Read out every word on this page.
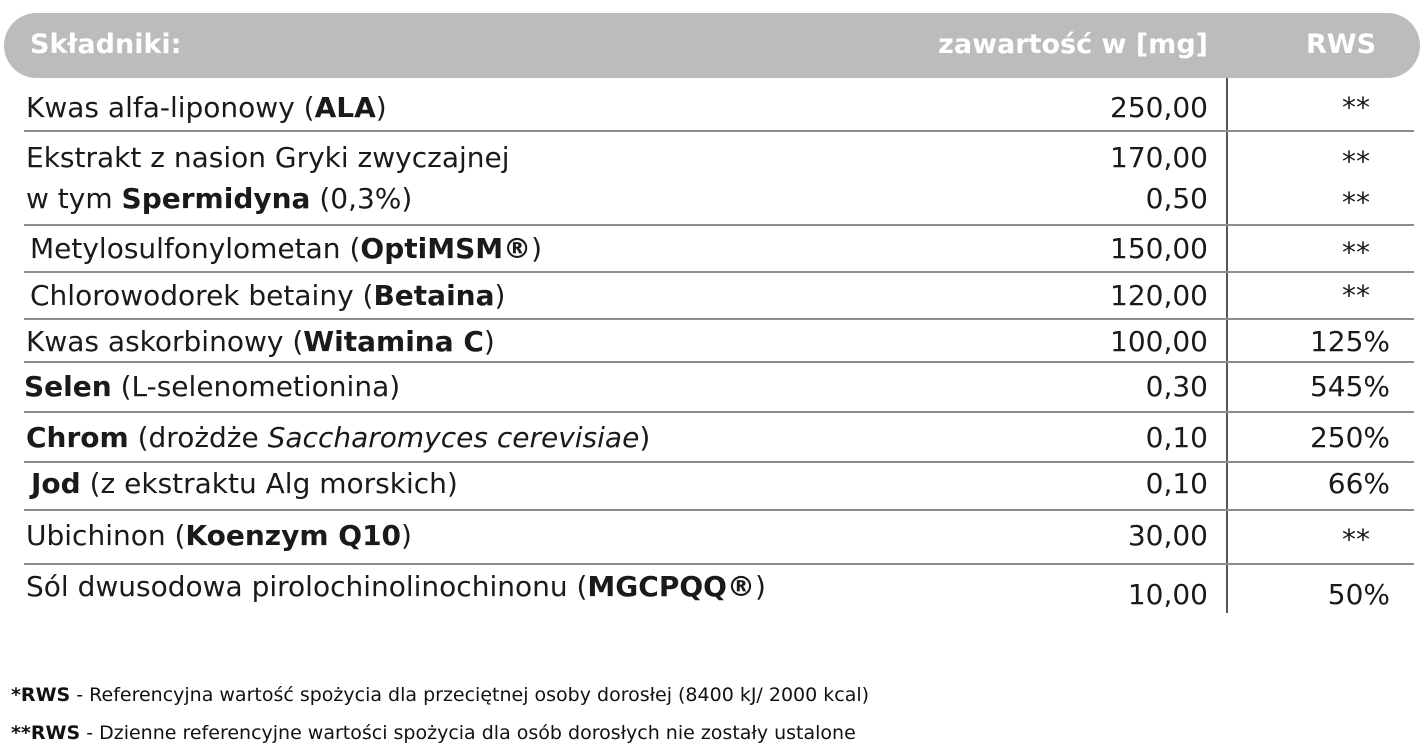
Składniki:	zawartość w [mg]	RWS
Kwas alfa-liponowy (ALA)	250,00	**
Ekstrakt z nasion Gryki zwyczajnej	170,00	**
w tym Spermidyna (0,3%)	0,50	**
Metylosulfonylometan (OptiMSM®)	150,00	**
Chlorowodorek betainy (Betaina)	120,00	**
Kwas askorbinowy (Witamina C)	100,00	125%
Selen (L-selenometionina)	0,30	545%
Chrom (drożdże Saccharomyces cerevisiae)	0,10	250%
Jod (z ekstraktu Alg morskich)	0,10	66%
Ubichinon (Koenzym Q10)	30,00	**
Sól dwusodowa pirolochinolinochinonu (MGCPQQ®)	10,00	50%
*RWS - Referencyjna wartość spożycia dla przeciętnej osoby dorosłej (8400 kJ/ 2000 kcal)
**RWS - Dzienne referencyjne wartości spożycia dla osób dorosłych nie zostały ustalone
